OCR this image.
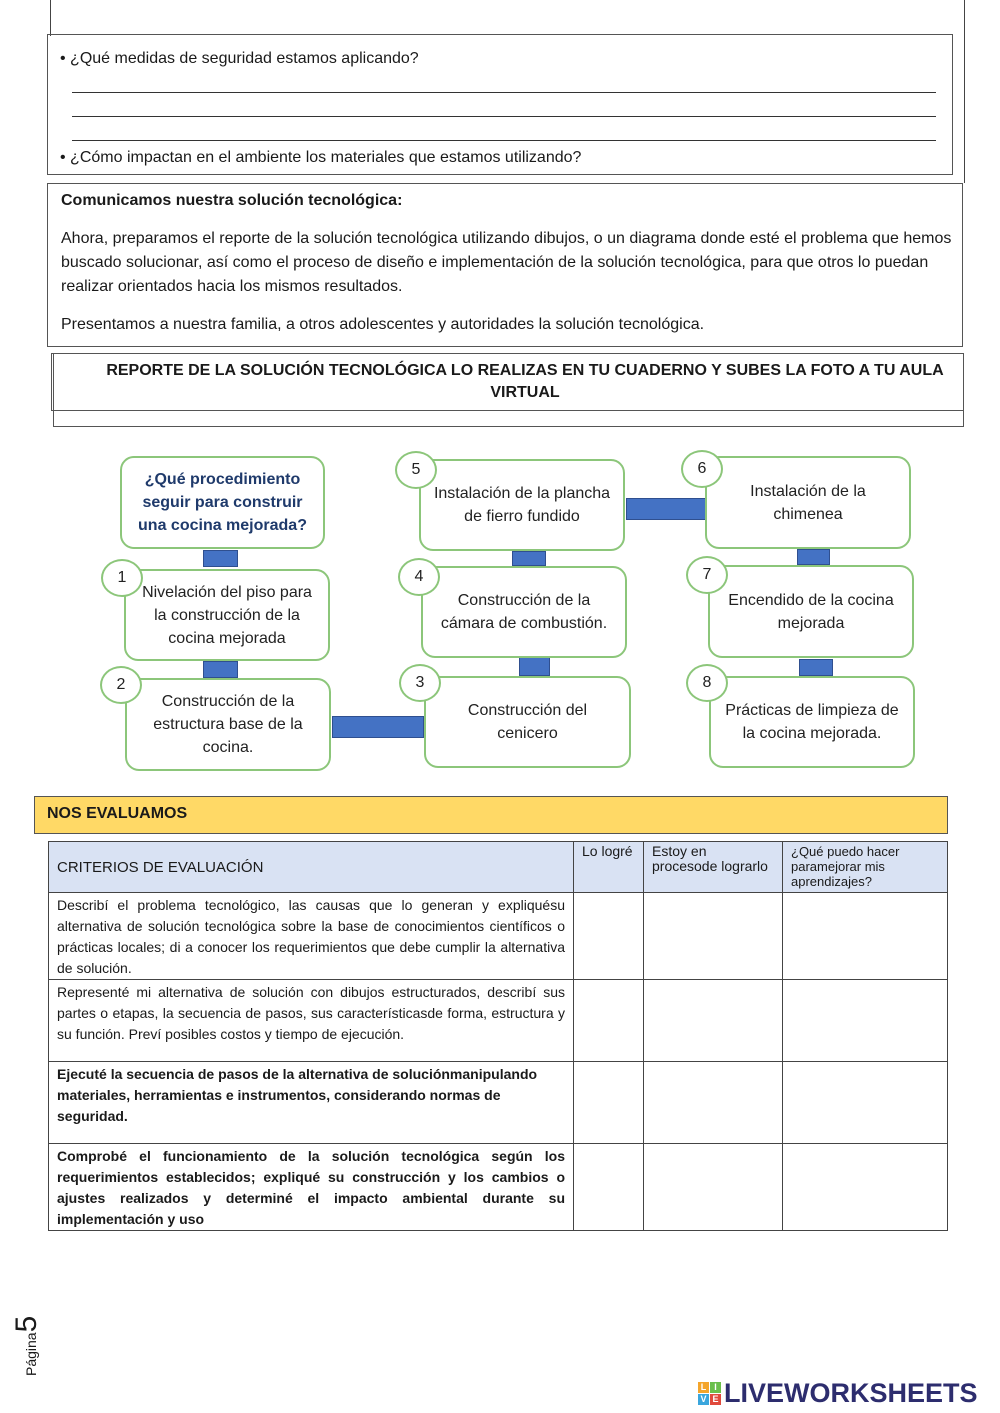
• ¿Qué medidas de seguridad estamos aplicando?
• ¿Cómo impactan en el ambiente los materiales que estamos utilizando?
Comunicamos nuestra solución tecnológica:
Ahora, preparamos el reporte de la solución tecnológica utilizando dibujos, o un diagrama donde esté el problema que hemos buscado solucionar, así como el proceso de diseño e implementación de la solución tecnológica, para que otros lo puedan realizar orientados hacia los mismos resultados.
Presentamos a nuestra familia, a otros adolescentes y autoridades la solución tecnológica.
REPORTE DE LA SOLUCIÓN TECNOLÓGICA LO REALIZAS EN TU CUADERNO Y SUBES LA FOTO A TU AULA
VIRTUAL
¿Qué procedimiento seguir para construir una cocina mejorada?
Nivelación del piso para la construcción de la cocina mejorada
1
Construcción de la estructura base de la cocina.
2
Construcción del cenicero
3
Construcción de la cámara de combustión.
4
Instalación de la plancha de fierro fundido
5
Instalación de la chimenea
6
Encendido de la cocina mejorada
7
Prácticas de limpieza de la cocina mejorada.
8
NOS EVALUAMOS
CRITERIOS DE EVALUACIÓN	Lo logré	Estoy en procesode lograrlo	¿Qué puedo hacer paramejorar mis aprendizajes?
Describí el problema tecnológico, las causas que lo generan y expliquésu alternativa de solución tecnológica sobre la base de conocimientos científicos o prácticas locales; di a conocer los requerimientos que debe cumplir la alternativa de solución.			
Representé mi alternativa de solución con dibujos estructurados, describí sus partes o etapas, la secuencia de pasos, sus característicasde forma, estructura y su función. Preví posibles costos y tiempo de ejecución.			
Ejecuté la secuencia de pasos de la alternativa de soluciónmanipulando materiales, herramientas e instrumentos, considerando normas de seguridad.			
Comprobé el funcionamiento de la solución tecnológica según los requerimientos establecidos; expliqué su construcción y los cambios o ajustes realizados y determiné el impacto ambiental durante su implementación y uso			
Página5
L I
V E LIVEWORKSHEETS
